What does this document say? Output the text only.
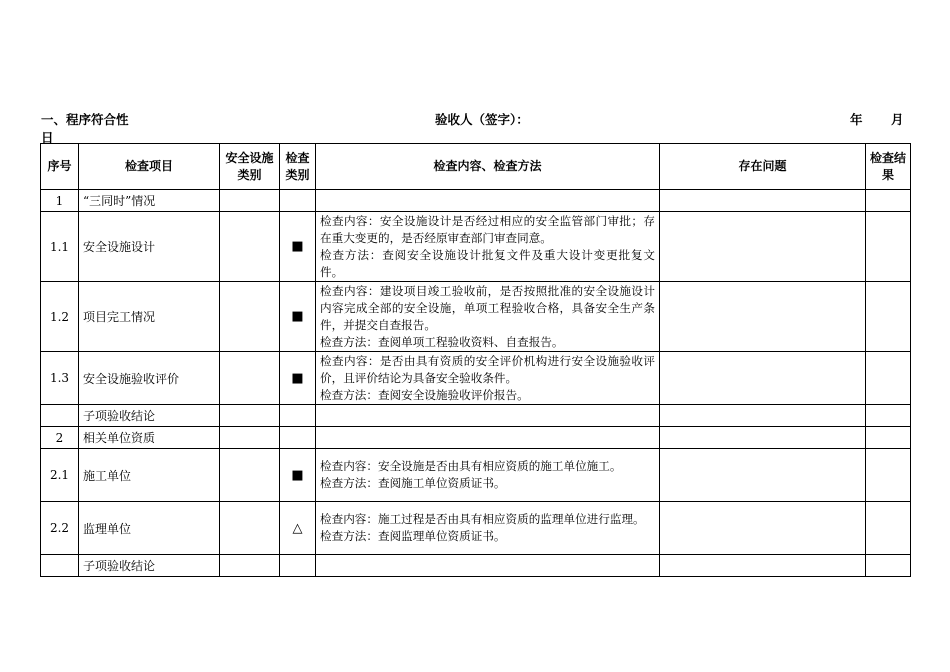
一、程序符合性	验收人（签字）：	年 月
日
序号	检查项目	安全设施类别	检查类别	检查内容、检查方法	存在问题	检查结果
1	“三同时”情况					
1.1	安全设施设计		■	检查内容：安全设施设计是否经过相应的安全监管部门审批；存在重大变更的，是否经原审查部门审查同意。
检查方法：查阅安全设施设计批复文件及重大设计变更批复文件。		

1.2	项目完工情况		■	检查内容：建设项目竣工验收前，是否按照批准的安全设施设计内容完成全部的安全设施，单项工程验收合格，具备安全生产条件，并提交自查报告。
检查方法：查阅单项工程验收资料、自查报告。		

1.3	安全设施验收评价		■	检查内容：是否由具有资质的安全评价机构进行安全设施验收评价，且评价结论为具备安全验收条件。
检查方法：查阅安全设施验收评价报告。		

	子项验收结论					
2	相关单位资质					
2.1	施工单位		■	检查内容：安全设施是否由具有相应资质的施工单位施工。
检查方法：查阅施工单位资质证书。		

2.2	监理单位		△	检查内容：施工过程是否由具有相应资质的监理单位进行监理。
检查方法：查阅监理单位资质证书。		

	子项验收结论					
